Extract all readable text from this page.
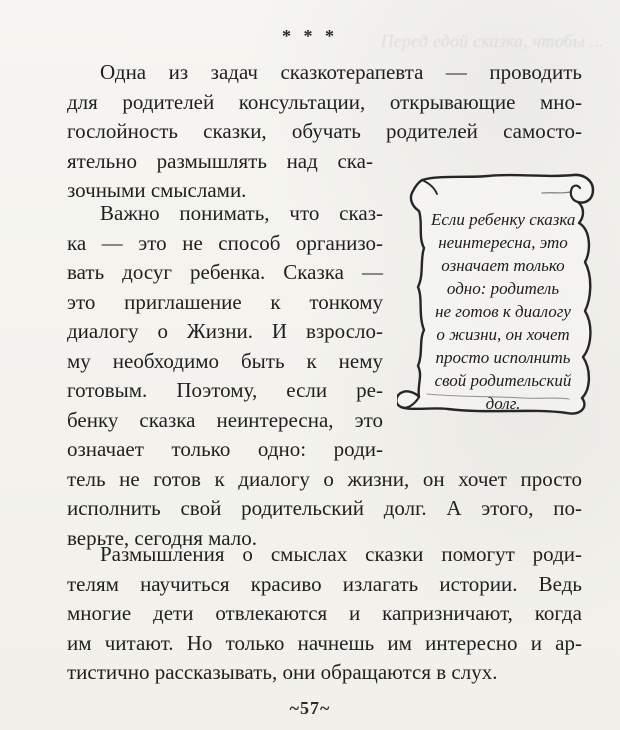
Перед едой сказка, чтобы ...
* * *
Одна из задач сказкотерапевта — проводить
для родителей консультации, открывающие мно-
гослойность сказки, обучать родителей самосто-
ятельно размышлять над ска-
зочными смыслами.
Важно понимать, что сказ-
ка — это не способ организо-
вать досуг ребенка. Сказка —
это приглашение к тонкому
диалогу о Жизни. И взросло-
му необходимо быть к нему
готовым. Поэтому, если ре-
бенку сказка неинтересна, это
означает только одно: роди-
тель не готов к диалогу о жизни, он хочет просто
исполнить свой родительский долг. А этого, по-
верьте, сегодня мало.
Если ребенку сказка
неинтересна, это
означает только
одно: родитель
не готов к диалогу
о жизни, он хочет
просто исполнить
свой родительский
долг.
Размышления о смыслах сказки помогут роди-
телям научиться красиво излагать истории. Ведь
многие дети отвлекаются и капризничают, когда
им читают. Но только начнешь им интересно и ар-
тистично рассказывать, они обращаются в слух.
~57~
